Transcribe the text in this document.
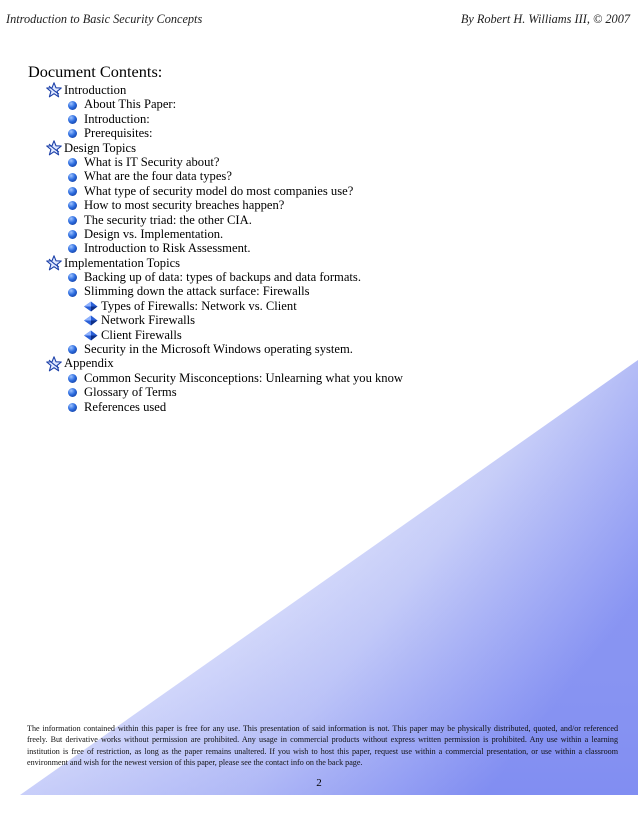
Introduction to Basic Security Concepts	By Robert H. Williams III, © 2007
Document Contents:
Introduction
About This Paper:
Introduction:
Prerequisites:
Design Topics
What is IT Security about?
What are the four data types?
What type of security model do most companies use?
How to most security breaches happen?
The security triad: the other CIA.
Design vs. Implementation.
Introduction to Risk Assessment.
Implementation Topics
Backing up of data: types of backups and data formats.
Slimming down the attack surface: Firewalls
Types of Firewalls: Network vs. Client
Network Firewalls
Client Firewalls
Security in the Microsoft Windows operating system.
Appendix
Common Security Misconceptions: Unlearning what you know
Glossary of Terms
References used
The information contained within this paper is free for any use. This presentation of said information is not. This paper may be physically distributed, quoted, and/or referenced freely. But derivative works without permission are prohibited. Any usage in commercial products without express written permission is prohibited. Any use within a learning institution is free of restriction, as long as the paper remains unaltered. If you wish to host this paper, request use within a commercial presentation, or use within a classroom environment and wish for the newest version of this paper, please see the contact info on the back page.
2
